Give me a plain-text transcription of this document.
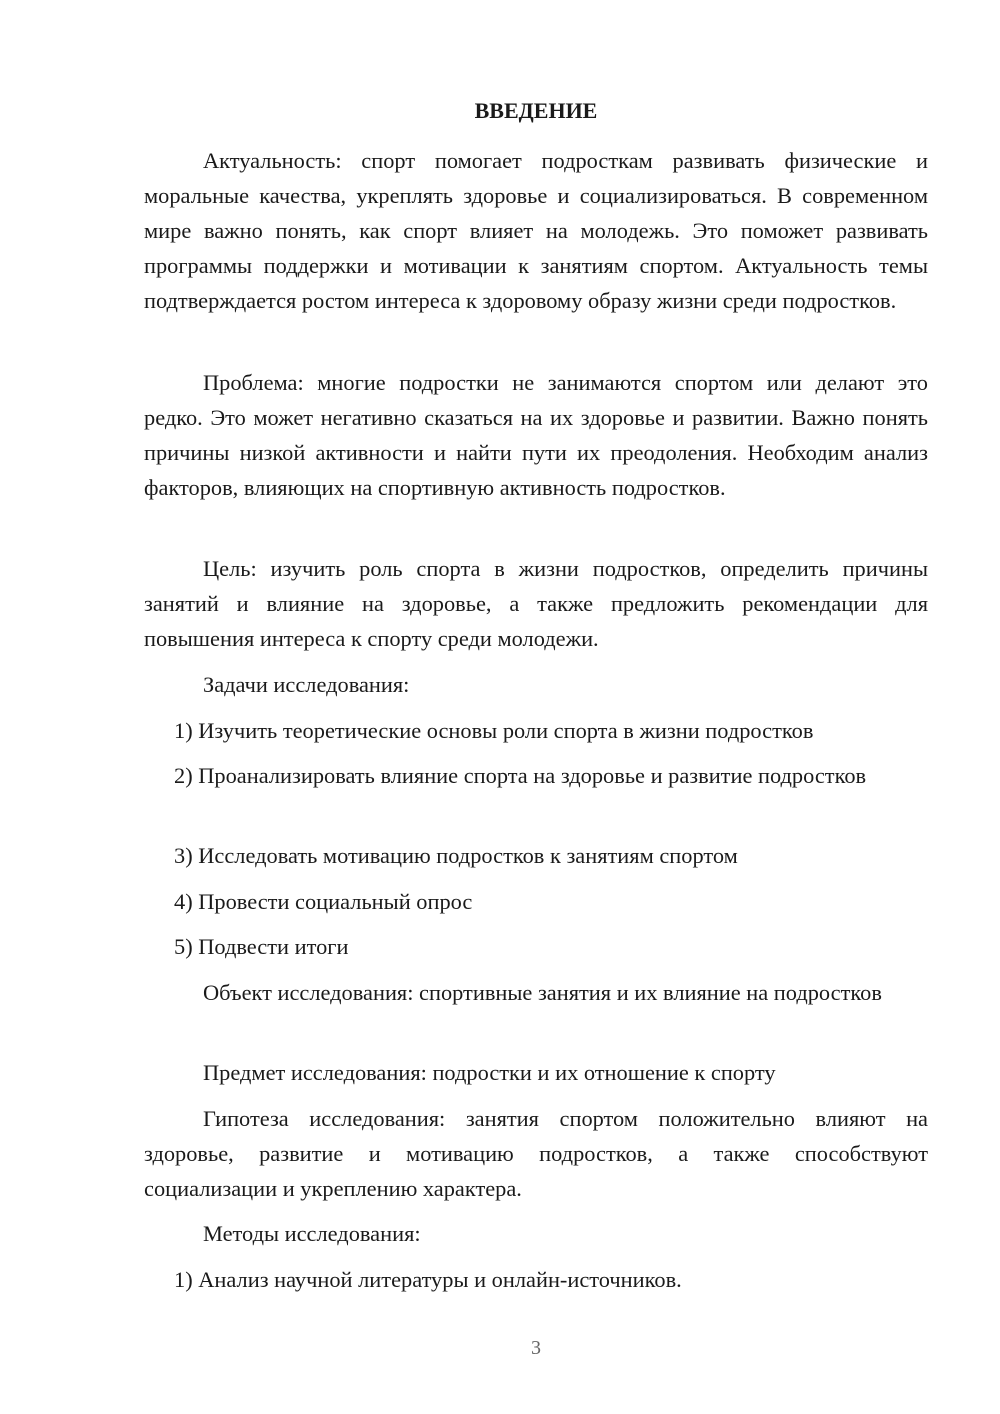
ВВЕДЕНИЕ

Актуальность: спорт помогает подросткам развивать физические и моральные качества, укреплять здоровье и социализироваться. В современном мире важно понять, как спорт влияет на молодежь. Это поможет развивать программы поддержки и мотивации к занятиям спортом. Актуальность темы подтверждается ростом интереса к здоровому образу жизни среди подростков.

Проблема: многие подростки не занимаются спортом или делают это редко. Это может негативно сказаться на их здоровье и развитии. Важно понять причины низкой активности и найти пути их преодоления. Необходим анализ факторов, влияющих на спортивную активность подростков.

Цель: изучить роль спорта в жизни подростков, определить причины занятий и влияние на здоровье, а также предложить рекомендации для повышения интереса к спорту среди молодежи.

Задачи исследования:

1) Изучить теоретические основы роли спорта в жизни подростков

2) Проанализировать влияние спорта на здоровье и развитие подростков

3) Исследовать мотивацию подростков к занятиям спортом

4) Провести социальный опрос

5) Подвести итоги

Объект исследования: спортивные занятия и их влияние на подростков

Предмет исследования: подростки и их отношение к спорту

Гипотеза исследования: занятия спортом положительно влияют на здоровье, развитие и мотивацию подростков, а также способствуют социализации и укреплению характера.

Методы исследования:

1) Анализ научной литературы и онлайн-источников.

3
